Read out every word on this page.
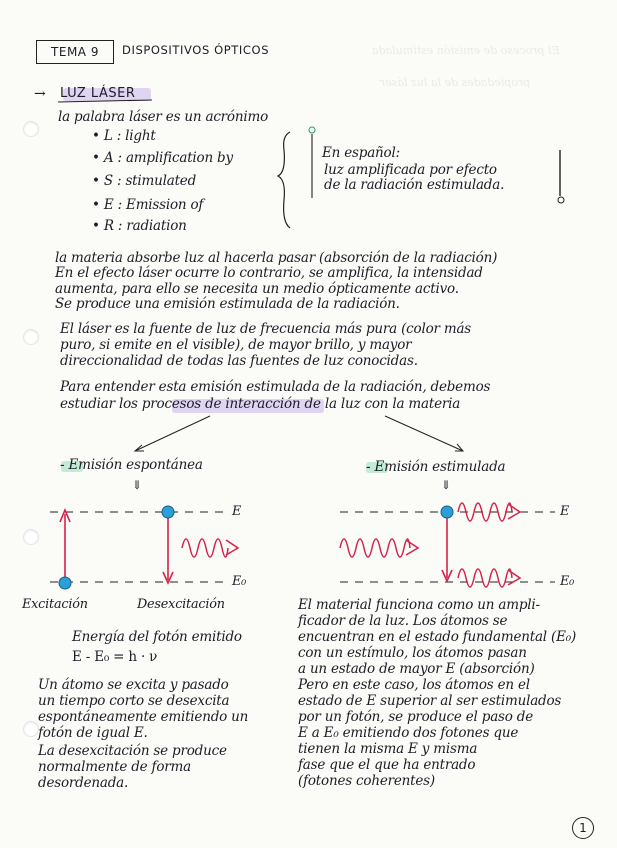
El proceso de emisión estimulada
propiedades de la luz láser
TEMA 9	DISPOSITIVOS ÓPTICOS
→ LUZ LÁSER
la palabra láser es un acrónimo
• L : light
• A : amplification by
• S : stimulated
• E : Emission of
• R : radiation
En español:
luz amplificada por efecto
de la radiación estimulada.
la materia absorbe luz al hacerla pasar (absorción de la radiación)
En el efecto láser ocurre lo contrario, se amplifica, la intensidad
aumenta, para ello se necesita un medio ópticamente activo.
Se produce una emisión estimulada de la radiación.
El láser es la fuente de luz de frecuencia más pura (color más
puro, si emite en el visible), de mayor brillo, y mayor
direccionalidad de todas las fuentes de luz conocidas.
Para entender esta emisión estimulada de la radiación, debemos
estudiar los procesos de interacción de la luz con la materia
- Emisión espontánea
⇓
- Emisión estimulada
⇓
E
E₀
E
E₀
Excitación	Desexcitación
Energía del fotón emitido
E - E₀ = h · ν
Un átomo se excita y pasado
un tiempo corto se desexcita
espontáneamente emitiendo un
fotón de igual E.
La desexcitación se produce
normalmente de forma
desordenada.
El material funciona como un ampli-
ficador de la luz. Los átomos se
encuentran en el estado fundamental (E₀)
con un estímulo, los átomos pasan
a un estado de mayor E (absorción)
Pero en este caso, los átomos en el
estado de E superior al ser estimulados
por un fotón, se produce el paso de
E a E₀ emitiendo dos fotones que
tienen la misma E y misma
fase que el que ha entrado
(fotones coherentes)
1
